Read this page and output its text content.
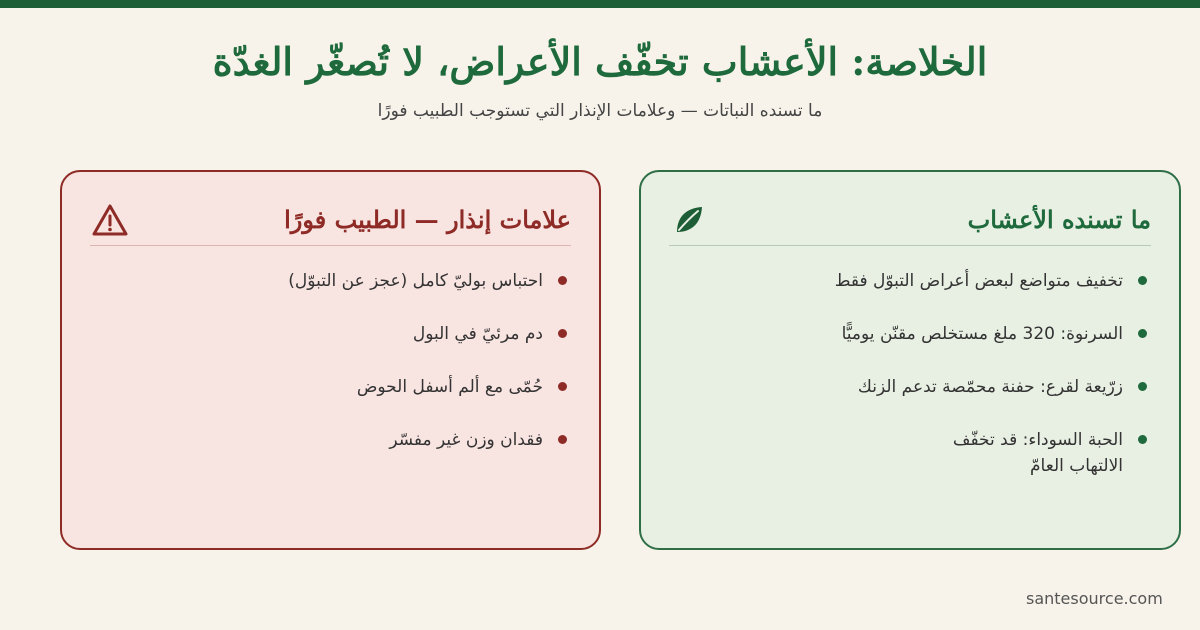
الخلاصة: الأعشاب تخفّف الأعراض، لا تُصغّر الغدّة

ما تسنده النباتات — وعلامات الإنذار التي تستوجب الطبيب فورًا

ما تسنده الأعشاب
تخفيف متواضع لبعض أعراض التبوّل فقط
السرنوة: 320 ملغ مستخلص مقنّن يوميًّا
زرّيعة لقرع: حفنة محمّصة تدعم الزنك
الحبة السوداء: قد تخفّف الالتهاب العامّ
علامات إنذار — الطبيب فورًا
احتباس بوليّ كامل (عجز عن التبوّل)
دم مرئيّ في البول
حُمّى مع ألم أسفل الحوض
فقدان وزن غير مفسّر
santesource.com
